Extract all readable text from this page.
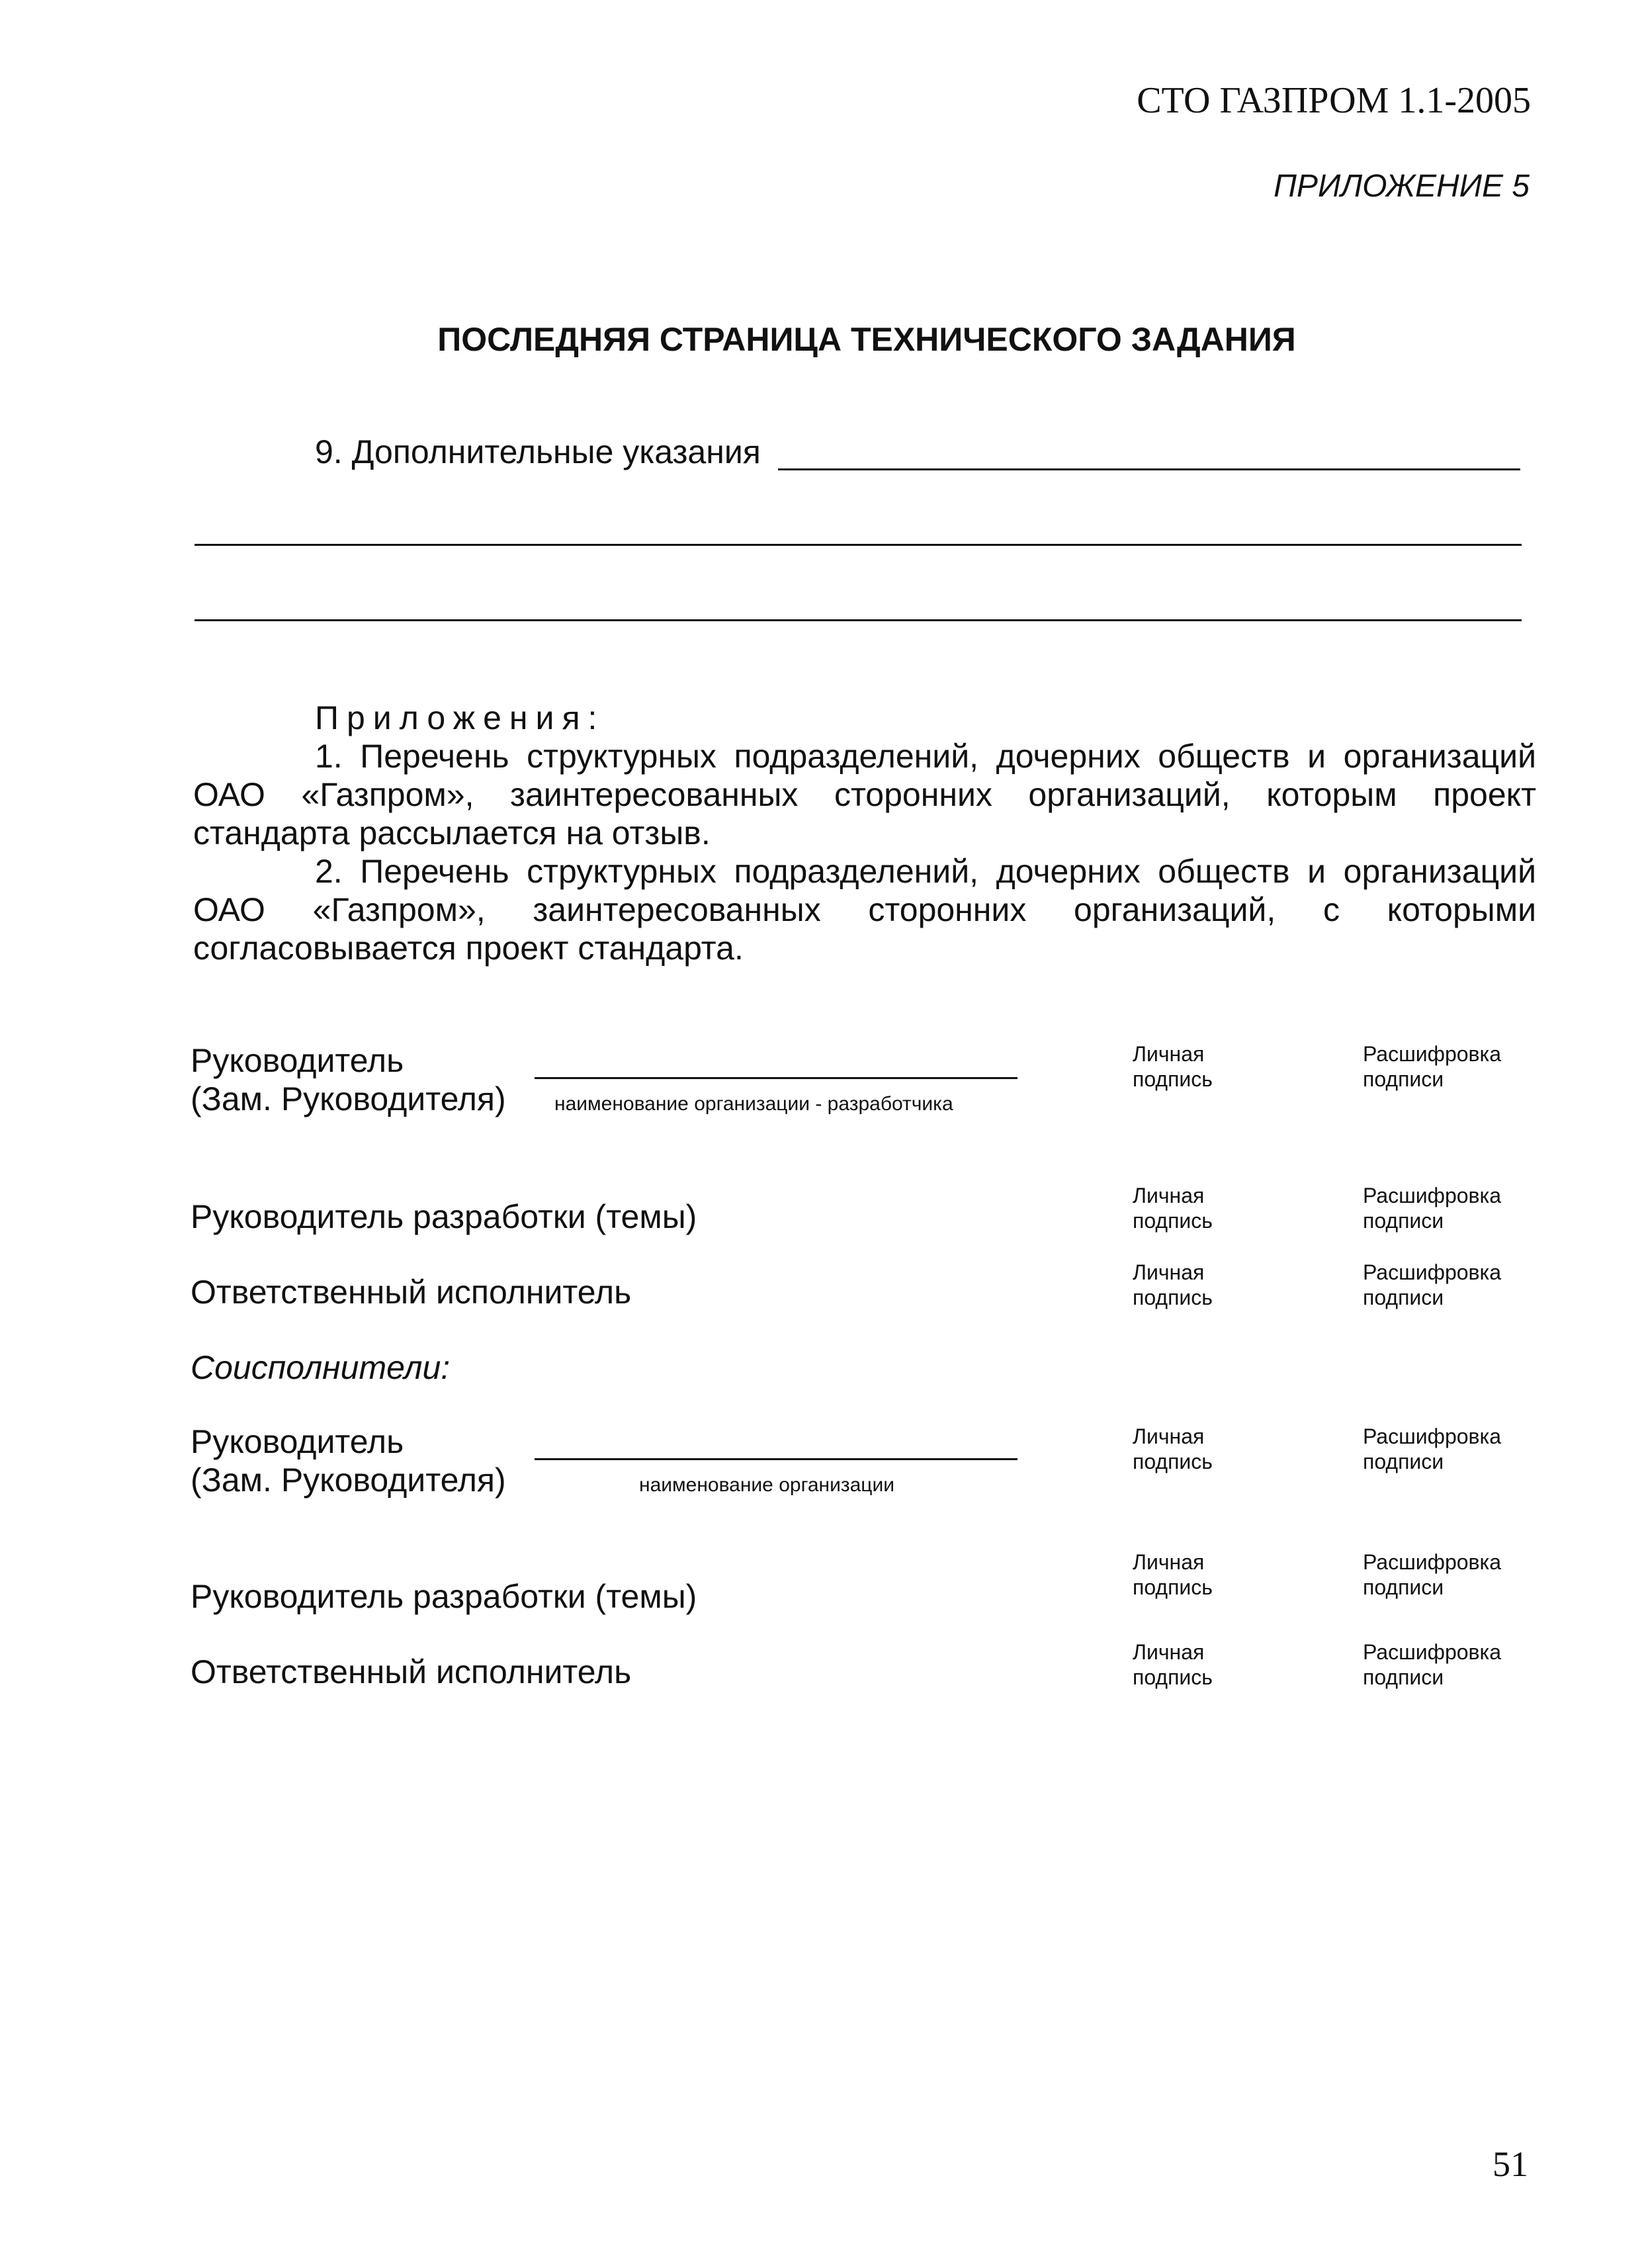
СТО ГАЗПРОМ 1.1-2005
ПРИЛОЖЕНИЕ 5
ПОСЛЕДНЯЯ СТРАНИЦА ТЕХНИЧЕСКОГО ЗАДАНИЯ
9. Дополнительные указания
Приложения:
1. Перечень структурных подразделений, дочерних обществ и организаций ОАО «Газпром», заинтересованных сторонних организаций, которым проект стандарта рассылается на отзыв.
2. Перечень структурных подразделений, дочерних обществ и организаций ОАО «Газпром», заинтересованных сторонних организаций, с которыми согласовывается проект стандарта.
Руководитель
(Зам. Руководителя) наименование организации - разработчика
Личная
подпись
Расшифровка
подписи
Руководитель разработки (темы)
Личная
подпись
Расшифровка
подписи
Ответственный исполнитель
Личная
подпись
Расшифровка
подписи
Соисполнители:
Руководитель
(Зам. Руководителя)	наименование организации
Личная
подпись
Расшифровка
подписи
Руководитель разработки (темы)
Личная
подпись
Расшифровка
подписи
Ответственный исполнитель
Личная
подпись
Расшифровка
подписи
51
